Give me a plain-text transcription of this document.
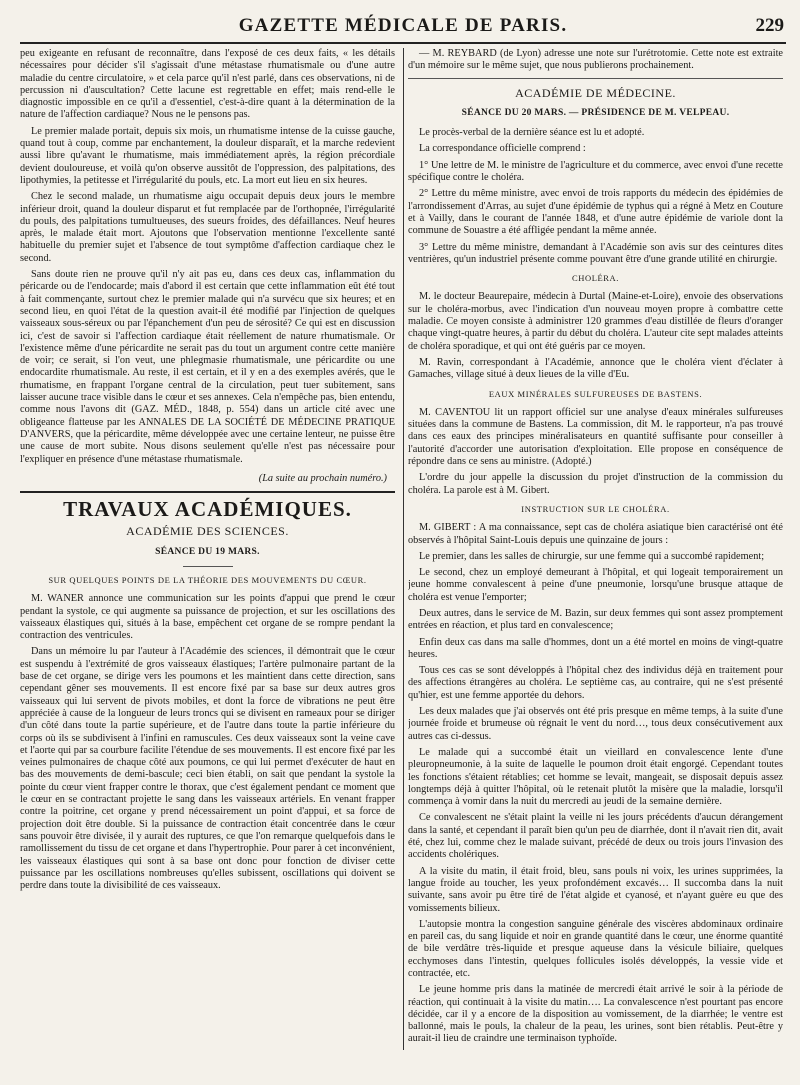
GAZETTE MÉDICALE DE PARIS.	229

peu exigeante en refusant de reconnaître, dans l'exposé de ces deux faits, « les détails nécessaires pour décider s'il s'agissait d'une métastase rhumatismale ou d'une autre maladie du centre circulatoire, » et cela parce qu'il n'est parlé, dans ces observations, ni de percussion ni d'auscultation? Cette lacune est regrettable en effet; mais rend-elle le diagnostic impossible en ce qu'il a d'essentiel, c'est-à-dire quant à la détermination de la nature de l'affection cardiaque? Nous ne le pensons pas.

Le premier malade portait, depuis six mois, un rhumatisme intense de la cuisse gauche, quand tout à coup, comme par enchantement, la douleur disparaît, et la marche redevient aussi libre qu'avant le rhumatisme, mais immédiatement après, la région précordiale devient douloureuse, et voilà qu'on observe aussitôt de l'oppression, des palpitations, des lipothymies, la petitesse et l'irrégularité du pouls, etc. La mort eut lieu en six heures.

Chez le second malade, un rhumatisme aigu occupait depuis deux jours le membre inférieur droit, quand la douleur disparut et fut remplacée par de l'orthopnée, l'irrégularité du pouls, des palpitations tumultueuses, des sueurs froides, des défaillances. Neuf heures après, le malade était mort. Ajoutons que l'observation mentionne l'excellente santé habituelle du premier sujet et l'absence de tout symptôme d'affection cardiaque chez le second.

Sans doute rien ne prouve qu'il n'y ait pas eu, dans ces deux cas, inflammation du péricarde ou de l'endocarde; mais d'abord il est certain que cette inflammation eût été tout à fait commençante, surtout chez le premier malade qui n'a survécu que six heures; et en second lieu, en quoi l'état de la question avait-il été modifié par l'injection de quelques vaisseaux sous-séreux ou par l'épanchement d'un peu de sérosité? Ce qui est en discussion ici, c'est de savoir si l'affection cardiaque était réellement de nature rhumatismale. Or l'existence même d'une péricardite ne serait pas du tout un argument contre cette manière de voir; ce serait, si l'on veut, une phlegmasie rhumatismale, une péricardite ou une endocardite rhumatismale. Au reste, il est certain, et il y en a des exemples avérés, que le rhumatisme, en frappant l'organe central de la circulation, peut tuer subitement, sans laisser aucune trace visible dans le cœur et ses annexes. Cela n'empêche pas, bien entendu, comme nous l'avons dit (GAZ. MÉD., 1848, p. 554) dans un article cité avec une obligeance flatteuse par les ANNALES DE LA SOCIÉTÉ DE MÉDECINE PRATIQUE D'ANVERS, que la péricardite, même développée avec une certaine lenteur, ne puisse être une cause de mort subite. Nous disons seulement qu'elle n'est pas nécessaire pour l'expliquer en présence d'une métastase rhumatismale.

(La suite au prochain numéro.)
TRAVAUX ACADÉMIQUES.
ACADÉMIE DES SCIENCES.
SÉANCE DU 19 MARS.
SUR QUELQUES POINTS DE LA THÉORIE DES MOUVEMENTS DU CŒUR.

M. WANER annonce une communication sur les points d'appui que prend le cœur pendant la systole, ce qui augmente sa puissance de projection, et sur les oscillations des vaisseaux élastiques qui, situés à la base, empêchent cet organe de se rompre pendant la contraction des ventricules.

Dans un mémoire lu par l'auteur à l'Académie des sciences, il démontrait que le cœur est suspendu à l'extrémité de gros vaisseaux élastiques; l'artère pulmonaire partant de la base de cet organe, se dirige vers les poumons et les maintient dans cette direction, sans cependant gêner ses mouvements. Il est encore fixé par sa base sur deux autres gros vaisseaux qui lui servent de pivots mobiles, et dont la force de vibrations ne peut être appréciée à cause de la longueur de leurs troncs qui se divisent en rameaux pour se diriger d'un côté dans toute la partie supérieure, et de l'autre dans toute la partie inférieure du corps où ils se subdivisent à l'infini en ramuscules. Ces deux vaisseaux sont la veine cave et l'aorte qui par sa courbure facilite l'étendue de ses mouvements. Il est encore fixé par les veines pulmonaires de chaque côté aux poumons, ce qui lui permet d'exécuter de haut en bas des mouvements de demi-bascule; ceci bien établi, on sait que pendant la systole la pointe du cœur vient frapper contre le thorax, que c'est également pendant ce moment que le cœur en se contractant projette le sang dans les vaisseaux artériels. En venant frapper contre la poitrine, cet organe y prend nécessairement un point d'appui, et sa force de projection doit être double. Si la puissance de contraction était concentrée dans le cœur sans pouvoir être divisée, il y aurait des ruptures, ce que l'on remarque quelquefois dans le ramollissement du tissu de cet organe et dans l'hypertrophie. Pour parer à cet inconvénient, les vaisseaux élastiques qui sont à sa base ont donc pour fonction de diviser cette puissance par les oscillations nombreuses qu'elles subissent, oscillations qui doivent se perdre dans toute la divisibilité de ces vaisseaux.

— M. REYBARD (de Lyon) adresse une note sur l'urétrotomie. Cette note est extraite d'un mémoire sur le même sujet, que nous publierons prochainement.

ACADÉMIE DE MÉDECINE.
SÉANCE DU 20 MARS. — PRÉSIDENCE DE M. VELPEAU.

Le procès-verbal de la dernière séance est lu et adopté.

La correspondance officielle comprend :

1° Une lettre de M. le ministre de l'agriculture et du commerce, avec envoi d'une recette spécifique contre le choléra.

2° Lettre du même ministre, avec envoi de trois rapports du médecin des épidémies de l'arrondissement d'Arras, au sujet d'une épidémie de typhus qui a régné à Metz en Couture et à Vailly, dans le courant de l'année 1848, et d'une autre épidémie de variole dont la commune de Souastre a été affligée pendant la même année.

3° Lettre du même ministre, demandant à l'Académie son avis sur des ceintures dites ventrières, qu'un industriel présente comme pouvant être d'une grande utilité en chirurgie.

CHOLÉRA.

M. le docteur Beaurepaire, médecin à Durtal (Maine-et-Loire), envoie des observations sur le choléra-morbus, avec l'indication d'un nouveau moyen propre à combattre cette maladie. Ce moyen consiste à administrer 120 grammes d'eau distillée de fleurs d'oranger chaque vingt-quatre heures, à partir du début du choléra. L'auteur cite sept malades atteints de choléra sporadique, et qui ont été guéris par ce moyen.

M. Ravin, correspondant à l'Académie, annonce que le choléra vient d'éclater à Gamaches, village situé à deux lieues de la ville d'Eu.

EAUX MINÉRALES SULFUREUSES DE BASTENS.

M. CAVENTOU lit un rapport officiel sur une analyse d'eaux minérales sulfureuses situées dans la commune de Bastens. La commission, dit M. le rapporteur, n'a pas trouvé dans ces eaux des principes minéralisateurs en quantité suffisante pour conseiller à l'autorité d'accorder une autorisation d'exploitation. Elle propose en conséquence de répondre dans ce sens au ministre. (Adopté.)

L'ordre du jour appelle la discussion du projet d'instruction de la commission du choléra. La parole est à M. Gibert.

INSTRUCTION SUR LE CHOLÉRA.

M. GIBERT : A ma connaissance, sept cas de choléra asiatique bien caractérisé ont été observés à l'hôpital Saint-Louis depuis une quinzaine de jours :

Le premier, dans les salles de chirurgie, sur une femme qui a succombé rapidement;

Le second, chez un employé demeurant à l'hôpital, et qui logeait temporairement un jeune homme convalescent à peine d'une pneumonie, lorsqu'une brusque attaque de choléra est venue l'emporter;

Deux autres, dans le service de M. Bazin, sur deux femmes qui sont assez promptement entrées en réaction, et plus tard en convalescence;

Enfin deux cas dans ma salle d'hommes, dont un a été mortel en moins de vingt-quatre heures.

Tous ces cas se sont développés à l'hôpital chez des individus déjà en traitement pour des affections étrangères au choléra. Le septième cas, au contraire, qui ne s'est présenté qu'hier, est une femme apportée du dehors.

Les deux malades que j'ai observés ont été pris presque en même temps, à la suite d'une journée froide et brumeuse où régnait le vent du nord…, tous deux consécutivement aux autres cas ci-dessus.

Le malade qui a succombé était un vieillard en convalescence lente d'une pleuropneumonie, à la suite de laquelle le poumon droit était engorgé. Cependant toutes les fonctions s'étaient rétablies; cet homme se levait, mangeait, se disposait depuis assez longtemps déjà à quitter l'hôpital, où le retenait plutôt la misère que la maladie, lorsqu'il commença à vomir dans la nuit du mercredi au jeudi de la semaine dernière.

Ce convalescent ne s'était plaint la veille ni les jours précédents d'aucun dérangement dans la santé, et cependant il paraît bien qu'un peu de diarrhée, dont il n'avait rien dit, avait été, chez lui, comme chez le malade suivant, précédé de deux ou trois jours l'invasion des accidents cholériques.

A la visite du matin, il était froid, bleu, sans pouls ni voix, les urines supprimées, la langue froide au toucher, les yeux profondément excavés… Il succomba dans la nuit suivante, sans avoir pu être tiré de l'état algide et cyanosé, et n'ayant guère eu que des vomissements bilieux.

L'autopsie montra la congestion sanguine générale des viscères abdominaux ordinaire en pareil cas, du sang liquide et noir en grande quantité dans le cœur, une énorme quantité de bile verdâtre très-liquide et presque aqueuse dans la vésicule biliaire, quelques ecchymoses dans l'intestin, quelques follicules isolés développés, la vessie vide et contractée, etc.

Le jeune homme pris dans la matinée de mercredi était arrivé le soir à la période de réaction, qui continuait à la visite du matin…. La convalescence n'est pourtant pas encore décidée, car il y a encore de la disposition au vomissement, de la diarrhée; le ventre est ballonné, mais le pouls, la chaleur de la peau, les urines, sont bien rétablis. Peut-être y aurait-il lieu de craindre une terminaison typhoïde.
